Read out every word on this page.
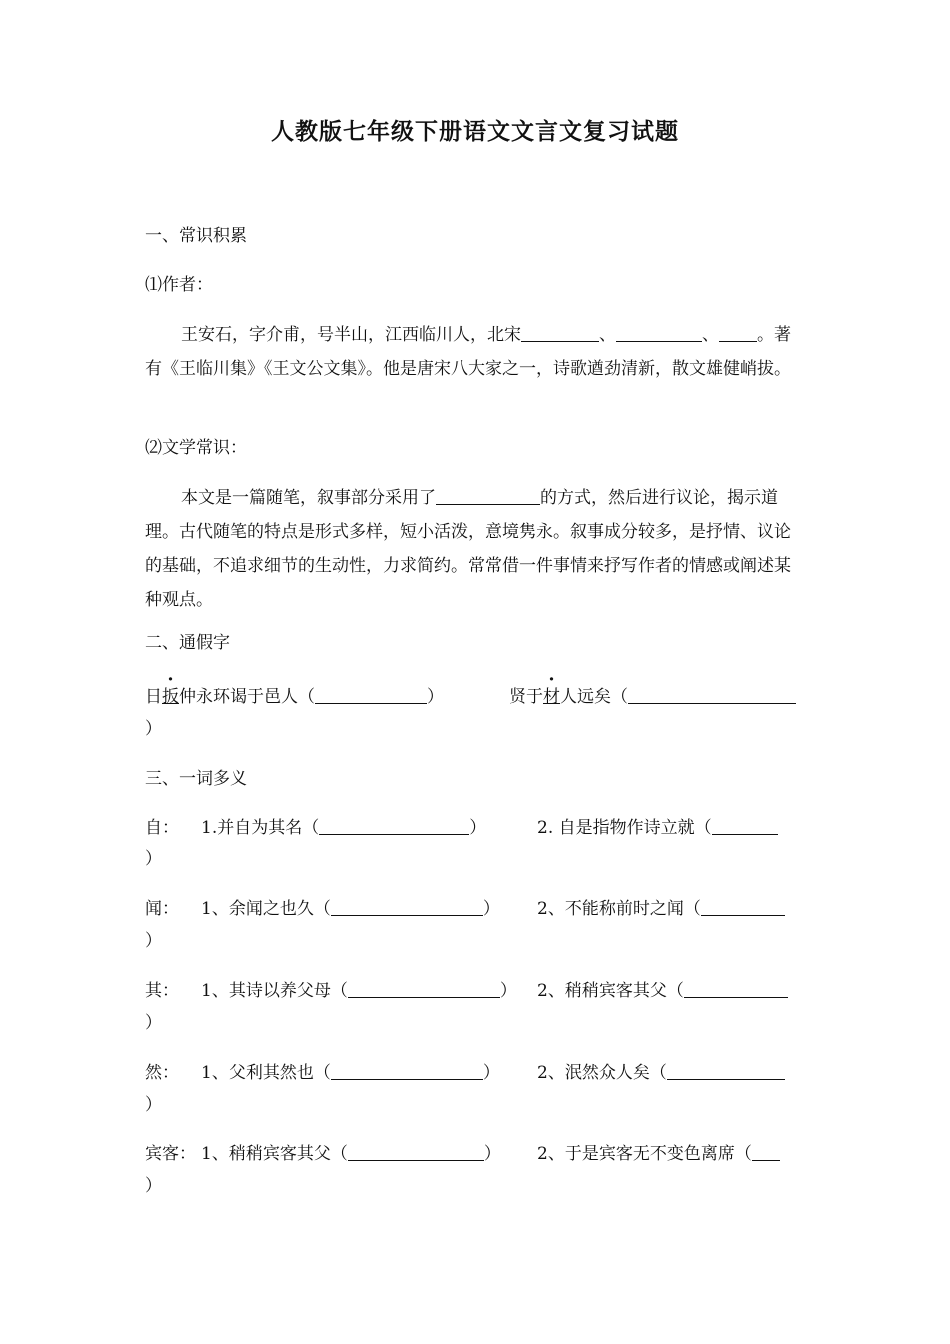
人教版七年级下册语文文言文复习试题
一、常识积累
⑴作者：
王安石，字介甫，号半山，江西临川人，北宋	、	、 。著有《王临川集》《王文公文集》。他是唐宋八大家之一，诗歌遒劲清新，散文雄健峭拔。
⑵文学常识：
本文是一篇随笔，叙事部分采用了	的方式，然后进行议论，揭示道理。古代随笔的特点是形式多样，短小活泼，意境隽永。叙事成分较多，是抒情、议论的基础，不追求细节的生动性，力求简约。常常借一件事情来抒写作者的情感或阐述某种观点。
二、通假字
日扳仲永环谒于邑人（	）	贤于材人远矣（
）
三、一词多义
自： 1.并自为其名（	）	2. 自是指物作诗立就（
）
闻： 1、余闻之也久（	） 2、不能称前时之闻（
）
其： 1、其诗以养父母（	） 2、稍稍宾客其父（
）
然： 1、父利其然也（	） 2、泯然众人矣（
）
宾客： 1、稍稍宾客其父（	） 2、于是宾客无不变色离席（
）
